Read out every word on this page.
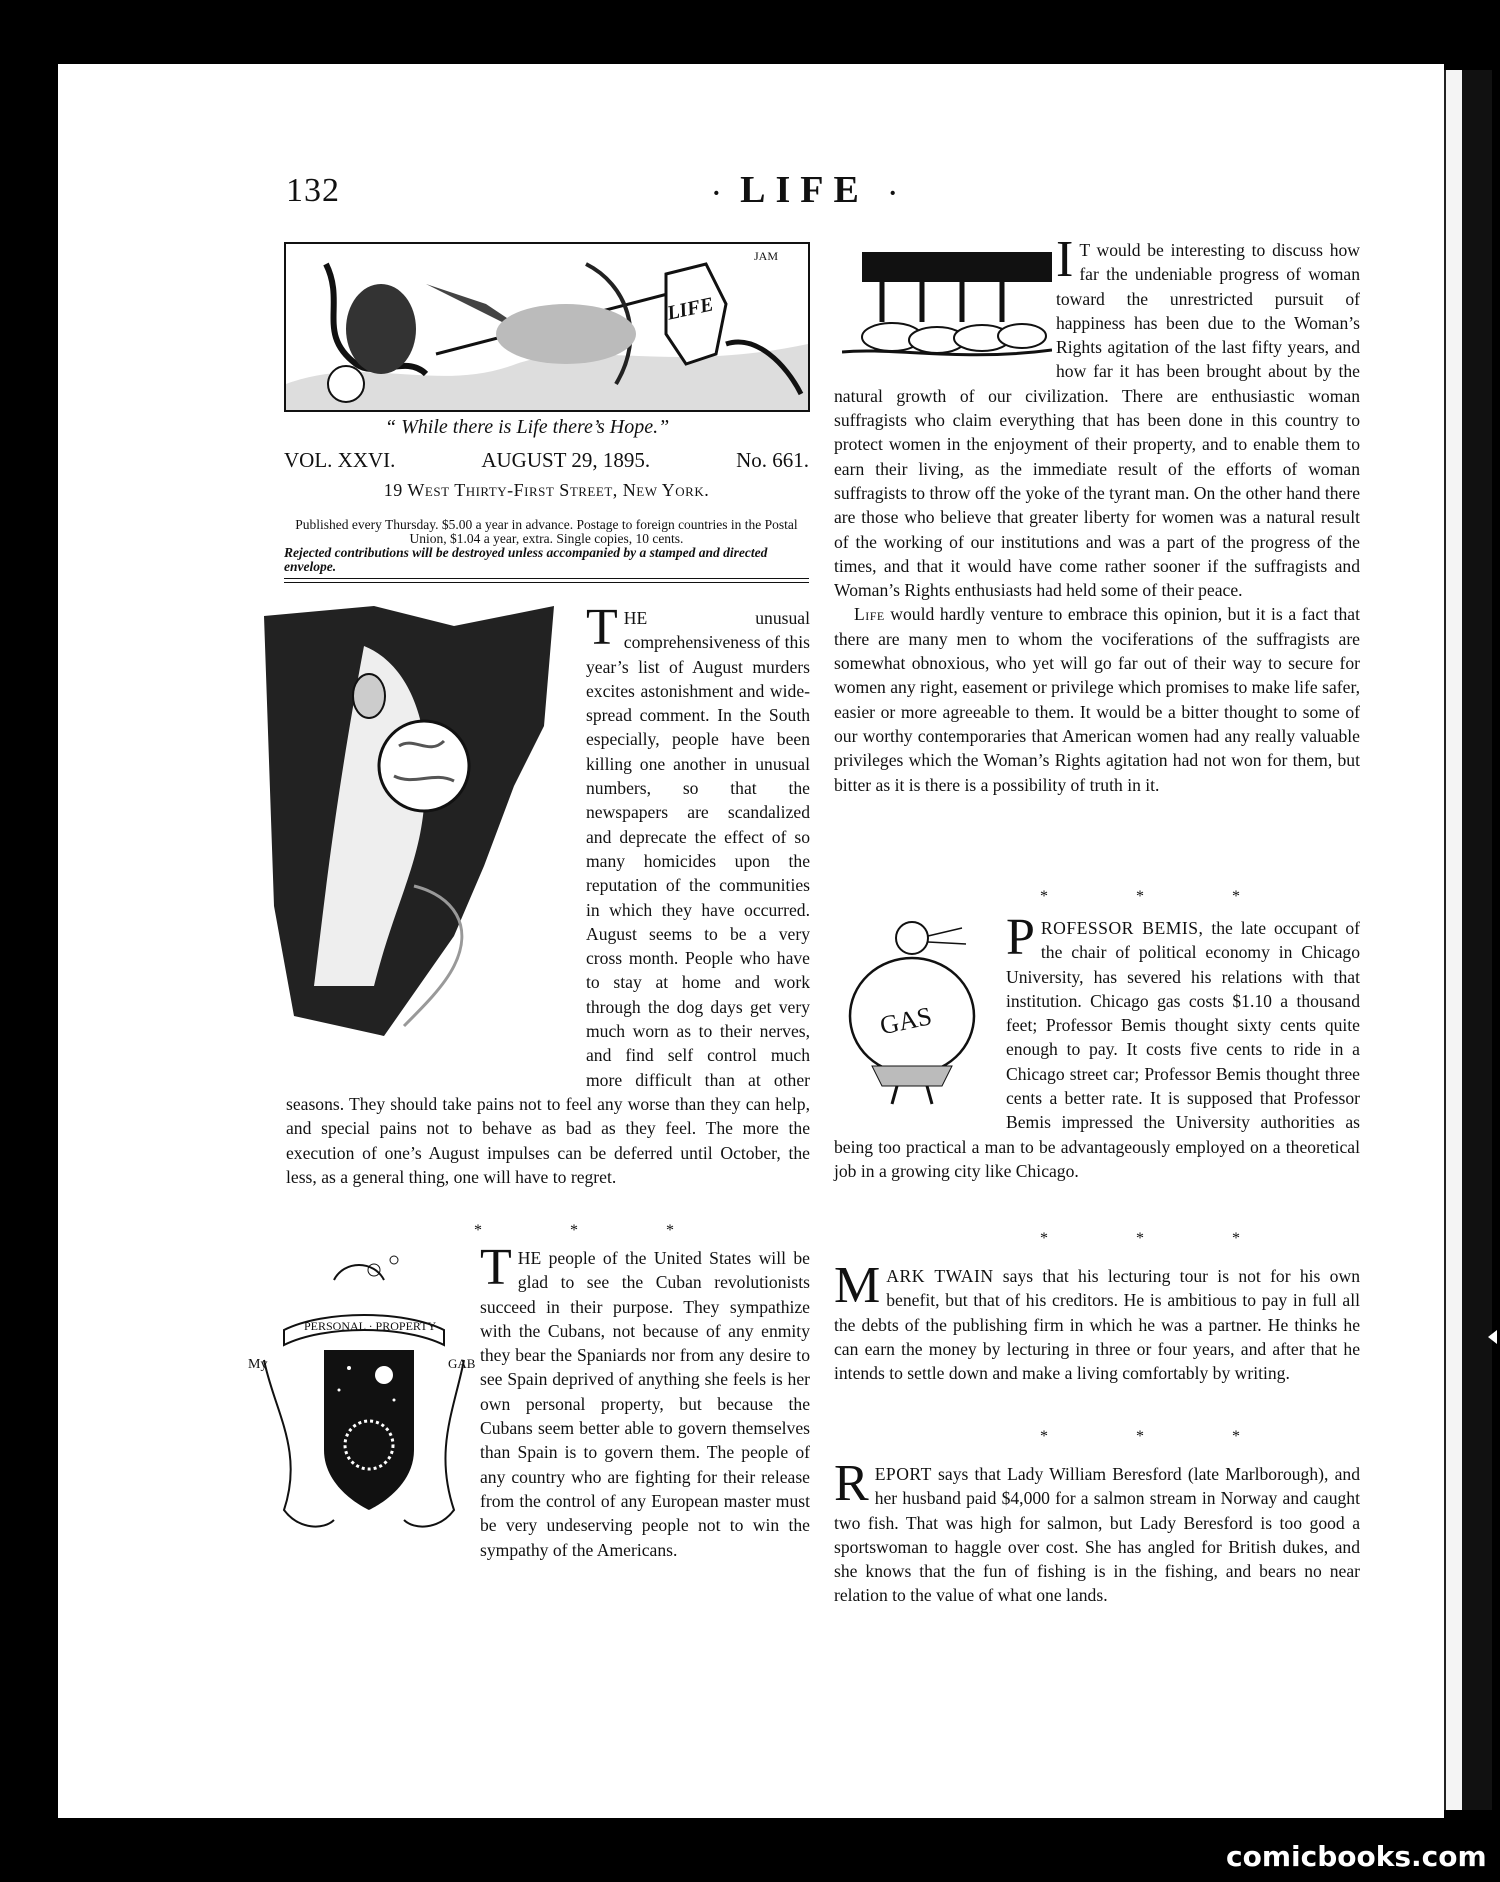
132	· LIFE ·
LIFE
JAM
“ While there is Life there’s Hope.”
VOL. XXVI.	AUGUST 29, 1895.	No. 661.
19 West Thirty-First Street, New York.
Published every Thursday. $5.00 a year in advance. Postage to foreign countries in the Postal Union, $1.04 a year, extra. Single copies, 10 cents.
Rejected contributions will be destroyed unless accompanied by a stamped and directed envelope.

THE unusual comprehensiveness of this year’s list of August murders excites astonishment and wide-spread comment. In the South especially, people have been killing one another in unusual numbers, so that the newspapers are scandalized and deprecate the effect of so many homicides upon the reputation of the communities in which they have occurred. August seems to be a very cross month. People who have to stay at home and work through the dog days get very much worn as to their nerves, and find self control much more difficult than at other seasons. They should take pains not to feel any worse than they can help, and special pains not to behave as bad as they feel. The more the execution of one’s August impulses can be deferred until October, the less, as a general thing, one will have to regret.

* * *
PERSONAL · PROPERTY
My	GAB

THE people of the United States will be glad to see the Cuban revolutionists succeed in their purpose. They sympathize with the Cubans, not because of any enmity they bear the Spaniards nor from any desire to see Spain deprived of anything she feels is her own personal property, but because the Cubans seem better able to govern themselves than Spain is to govern them. The people of any country who are fighting for their release from the control of any European master must be very undeserving people not to win the sympathy of the Americans.

I T would be interesting to discuss how far the undeniable progress of woman toward the unrestricted pursuit of happiness has been due to the Woman’s Rights agitation of the last fifty years, and how far it has been brought about by the natural growth of our civilization. There are enthusiastic woman suffragists who claim everything that has been done in this country to protect women in the enjoyment of their property, and to enable them to earn their living, as the immediate result of the efforts of woman suffragists to throw off the yoke of the tyrant man. On the other hand there are those who believe that greater liberty for women was a natural result of the working of our institutions and was a part of the progress of the times, and that it would have come rather sooner if the suffragists and Woman’s Rights enthusiasts had held some of their peace.

Life would hardly venture to embrace this opinion, but it is a fact that there are many men to whom the vociferations of the suffragists are somewhat obnoxious, who yet will go far out of their way to secure for women any right, easement or privilege which promises to make life safer, easier or more agreeable to them. It would be a bitter thought to some of our worthy contemporaries that American women had any really valuable privileges which the Woman’s Rights agitation had not won for them, but bitter as it is there is a possibility of truth in it.

* * *
GAS

PROFESSOR BEMIS, the late occupant of the chair of political economy in Chicago University, has severed his relations with that institution. Chicago gas costs $1.10 a thousand feet; Professor Bemis thought sixty cents quite enough to pay. It costs five cents to ride in a Chicago street car; Professor Bemis thought three cents a better rate. It is supposed that Professor Bemis impressed the University authorities as being too practical a man to be advantageously employed on a theoretical job in a growing city like Chicago.

* * *

MARK TWAIN says that his lecturing tour is not for his own benefit, but that of his creditors. He is ambitious to pay in full all the debts of the publishing firm in which he was a partner. He thinks he can earn the money by lecturing in three or four years, and after that he intends to settle down and make a living comfortably by writing.

* * *

REPORT says that Lady William Beresford (late Marlborough), and her husband paid $4,000 for a salmon stream in Norway and caught two fish. That was high for salmon, but Lady Beresford is too good a sportswoman to haggle over cost. She has angled for British dukes, and she knows that the fun of fishing is in the fishing, and bears no near relation to the value of what one lands.

comicbooks.com
